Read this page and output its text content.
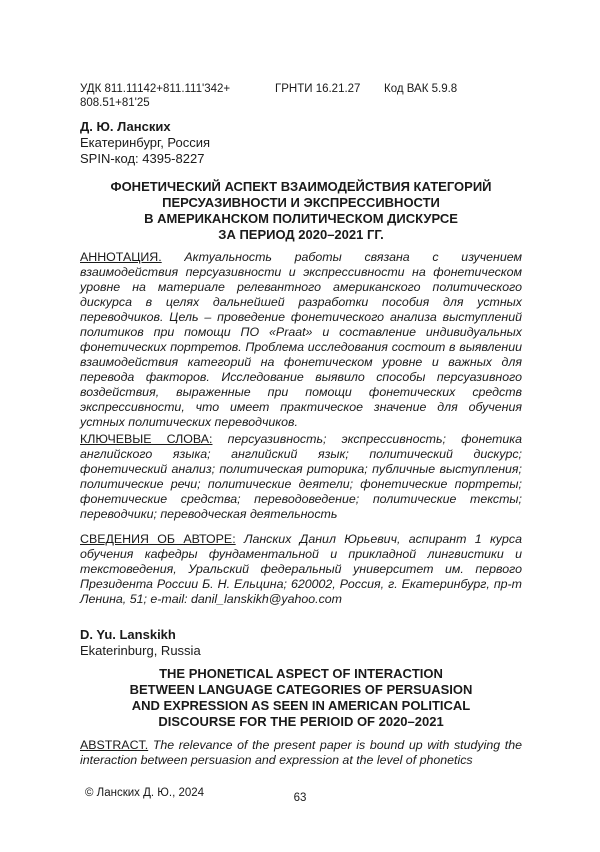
УДК 811.11142+811.111'342+
808.51+81'25
ГРНТИ 16.21.27 Код ВАК 5.9.8
Д. Ю. Ланских
Екатеринбург, Россия
SPIN-код: 4395-8227
ФОНЕТИЧЕСКИЙ АСПЕКТ ВЗАИМОДЕЙСТВИЯ КАТЕГОРИЙ
ПЕРСУАЗИВНОСТИ И ЭКСПРЕССИВНОСТИ
В АМЕРИКАНСКОМ ПОЛИТИЧЕСКОМ ДИСКУРСЕ
ЗА ПЕРИОД 2020–2021 ГГ.
АННОТАЦИЯ. Актуальность работы связана с изучением взаимодействия персуазивности и экспрессивности на фонетическом уровне на материале релевантного американского политического дискурса в целях дальнейшей разработки пособия для устных переводчиков. Цель – проведение фонетического анализа выступлений политиков при помощи ПО «Praat» и составление индивидуальных фонетических портретов. Проблема исследования состоит в выявлении взаимодействия категорий на фонетическом уровне и важных для перевода факторов. Исследование выявило способы персуазивного воздействия, выраженные при помощи фонетических средств экспрессивности, что имеет практическое значение для обучения устных политических переводчиков.
КЛЮЧЕВЫЕ СЛОВА: персуазивность; экспрессивность; фонетика английского языка; английский язык; политический дискурс; фонетический анализ; политическая риторика; публичные выступления; политические речи; политические деятели; фонетические портреты; фонетические средства; переводоведение; политические тексты; переводчики; переводческая деятельность
СВЕДЕНИЯ ОБ АВТОРЕ: Ланских Данил Юрьевич, аспирант 1 курса обучения кафедры фундаментальной и прикладной лингвистики и текстоведения, Уральский федеральный университет им. первого Президента России Б. Н. Ельцина; 620002, Россия, г. Екатеринбург, пр-т Ленина, 51; e-mail: danil_lanskikh@yahoo.com
D. Yu. Lanskikh
Ekaterinburg, Russia
THE PHONETICAL ASPECT OF INTERACTION
BETWEEN LANGUAGE CATEGORIES OF PERSUASION
AND EXPRESSION AS SEEN IN AMERICAN POLITICAL
DISCOURSE FOR THE PERIOID OF 2020–2021
ABSTRACT. The relevance of the present paper is bound up with studying the interaction between persuasion and expression at the level of phonetics
© Ланских Д. Ю., 2024	63
